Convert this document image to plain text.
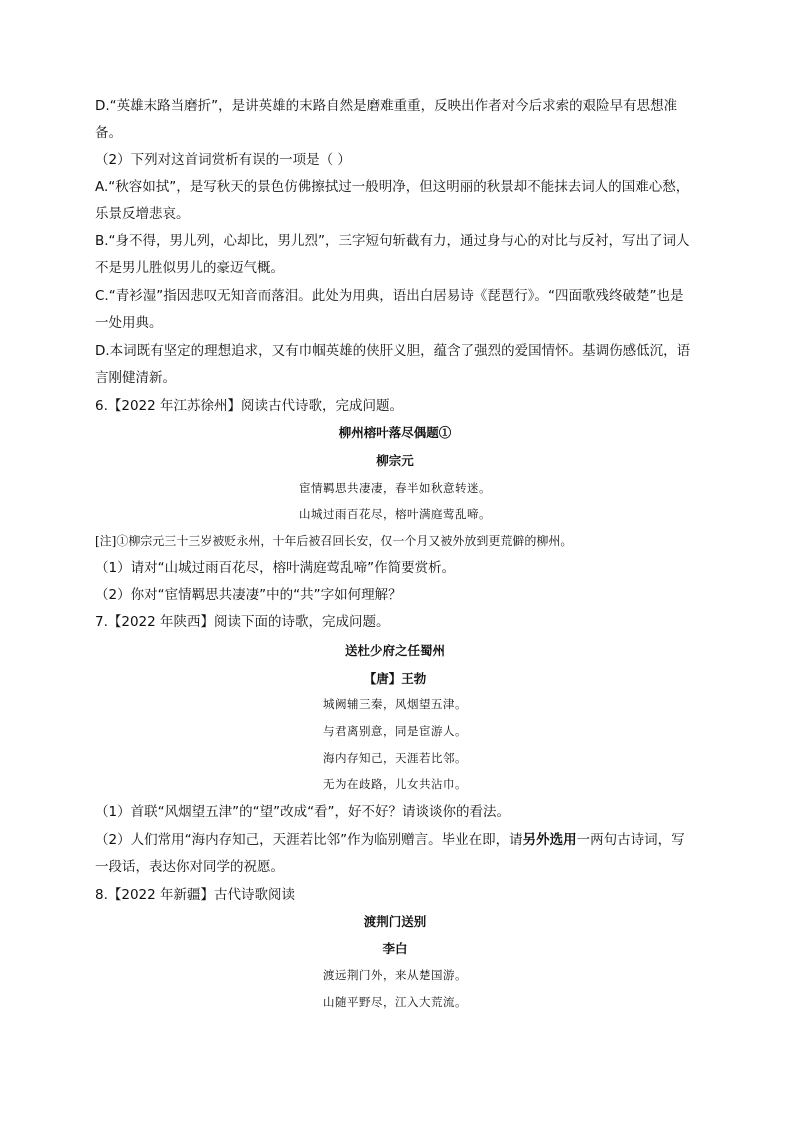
D.“英雄末路当磨折”，是讲英雄的末路自然是磨难重重，反映出作者对今后求索的艰险早有思想准备。
（2）下列对这首词赏析有误的一项是（ ）
A.“秋容如拭”，是写秋天的景色仿佛擦拭过一般明净，但这明丽的秋景却不能抹去词人的国难心愁，乐景反增悲哀。
B.“身不得，男儿列，心却比，男儿烈”，三字短句斩截有力，通过身与心的对比与反衬，写出了词人不是男儿胜似男儿的豪迈气概。
C.“青衫湿”指因悲叹无知音而落泪。此处为用典，语出白居易诗《琵琶行》。“四面歌残终破楚”也是一处用典。
D.本词既有坚定的理想追求，又有巾帼英雄的侠肝义胆，蕴含了强烈的爱国情怀。基调伤感低沉，语言刚健清新。
6.【2022 年江苏徐州】阅读古代诗歌，完成问题。
柳州榕叶落尽偶题①
柳宗元
宦情羁思共凄凄，春半如秋意转迷。
山城过雨百花尽，榕叶满庭莺乱啼。
[注]①柳宗元三十三岁被贬永州，十年后被召回长安，仅一个月又被外放到更荒僻的柳州。
（1）请对“山城过雨百花尽，榕叶满庭莺乱啼”作简要赏析。
（2）你对“宦情羁思共凄凄”中的“共”字如何理解？
7.【2022 年陕西】阅读下面的诗歌，完成问题。
送杜少府之任蜀州
【唐】王勃
城阙辅三秦，风烟望五津。
与君离别意，同是宦游人。
海内存知己，天涯若比邻。
无为在歧路，儿女共沾巾。
（1）首联“风烟望五津”的“望”改成“看”，好不好？请谈谈你的看法。
（2）人们常用“海内存知己，天涯若比邻”作为临别赠言。毕业在即，请另外选用一两句古诗词，写一段话，表达你对同学的祝愿。
8.【2022 年新疆】古代诗歌阅读
渡荆门送别
李白
渡远荆门外，来从楚国游。
山随平野尽，江入大荒流。
